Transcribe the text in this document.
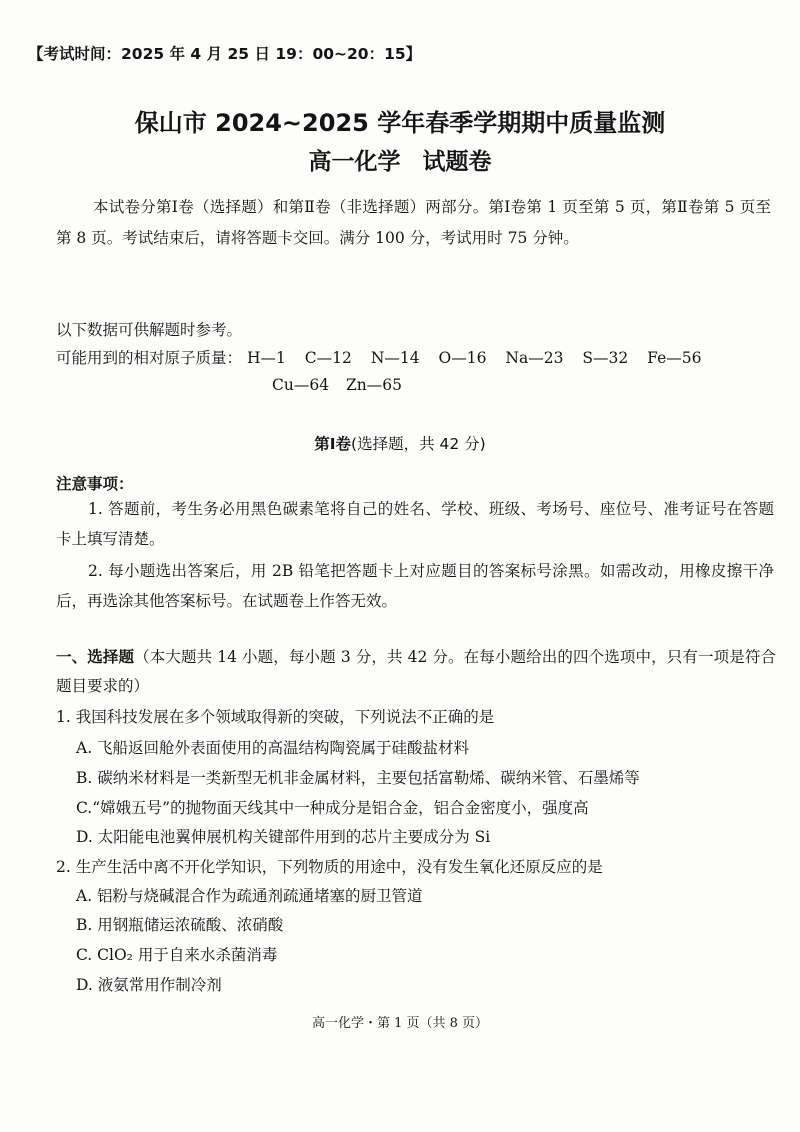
【考试时间：2025 年 4 月 25 日 19：00~20：15】
保山市 2024~2025 学年春季学期期中质量监测
高一化学 试题卷
本试卷分第Ⅰ卷（选择题）和第Ⅱ卷（非选择题）两部分。第Ⅰ卷第 1 页至第 5 页，第Ⅱ卷第 5 页至第 8 页。考试结束后，请将答题卡交回。满分 100 分，考试用时 75 分钟。
以下数据可供解题时参考。
可能用到的相对原子质量： H—1 C—12 N—14 O—16 Na—23 S—32 Fe—56
Cu—64 Zn—65
第Ⅰ卷(选择题，共 42 分)
注意事项：
1. 答题前，考生务必用黑色碳素笔将自己的姓名、学校、班级、考场号、座位号、准考证号在答题卡上填写清楚。
2. 每小题选出答案后，用 2B 铅笔把答题卡上对应题目的答案标号涂黑。如需改动，用橡皮擦干净后，再选涂其他答案标号。在试题卷上作答无效。
一、选择题（本大题共 14 小题，每小题 3 分，共 42 分。在每小题给出的四个选项中，只有一项是符合题目要求的）
1. 我国科技发展在多个领域取得新的突破，下列说法不正确的是
A. 飞船返回舱外表面使用的高温结构陶瓷属于硅酸盐材料
B. 碳纳米材料是一类新型无机非金属材料，主要包括富勒烯、碳纳米管、石墨烯等
C.“嫦娥五号”的抛物面天线其中一种成分是铝合金，铝合金密度小，强度高
D. 太阳能电池翼伸展机构关键部件用到的芯片主要成分为 Si
2. 生产生活中离不开化学知识，下列物质的用途中，没有发生氧化还原反应的是
A. 铝粉与烧碱混合作为疏通剂疏通堵塞的厨卫管道
B. 用钢瓶储运浓硫酸、浓硝酸
C. ClO₂ 用于自来水杀菌消毒
D. 液氨常用作制冷剂
高一化学・第 1 页（共 8 页）
